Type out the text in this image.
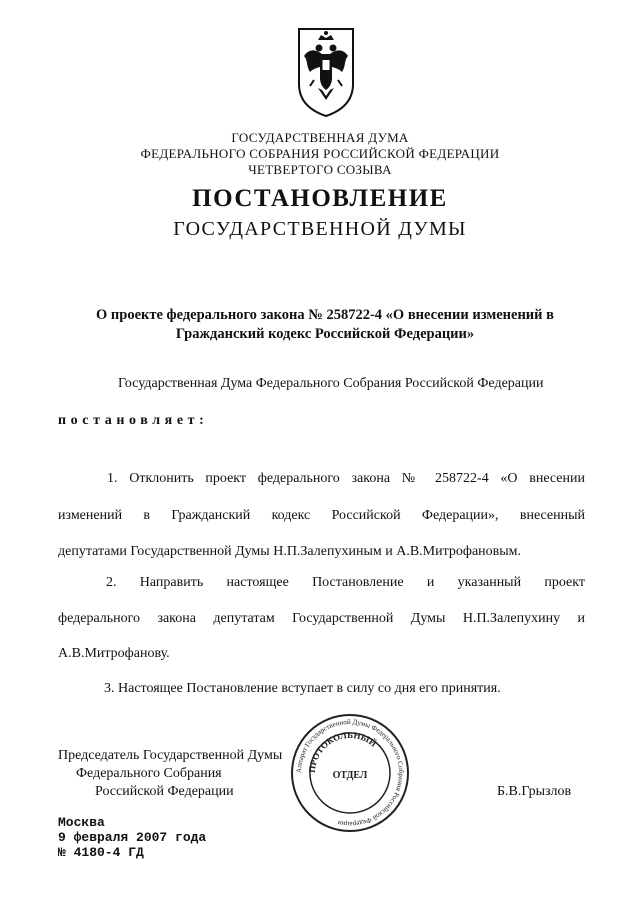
ГОСУДАРСТВЕННАЯ ДУМА
ФЕДЕРАЛЬНОГО СОБРАНИЯ РОССИЙСКОЙ ФЕДЕРАЦИИ
ЧЕТВЕРТОГО СОЗЫВА
ПОСТАНОВЛЕНИЕ
ГОСУДАРСТВЕННОЙ ДУМЫ
О проекте федерального закона № 258722-4 «О внесении изменений в
Гражданский кодекс Российской Федерации»
Государственная Дума Федерального Собрания Российской Федерации
постановляет:
1. Отклонить проект федерального закона № 258722-4 «О внесении
изменений в Гражданский кодекс Российской Федерации», внесенный
депутатами Государственной Думы Н.П.Залепухиным и А.В.Митрофановым.
2. Направить настоящее Постановление и указанный проект
федерального закона депутатам Государственной Думы Н.П.Залепухину и
А.В.Митрофанову.
3. Настоящее Постановление вступает в силу со дня его принятия.
Председатель Государственной Думы
Федерального Собрания
Российской Федерации
Аппарат Государственной Думы Федерального Собрания Российской Федерации
ПРОТОКОЛЬНЫЙ
ОТДЕЛ
Б.В.Грызлов
Москва
9 февраля 2007 года
№ 4180-4 ГД
